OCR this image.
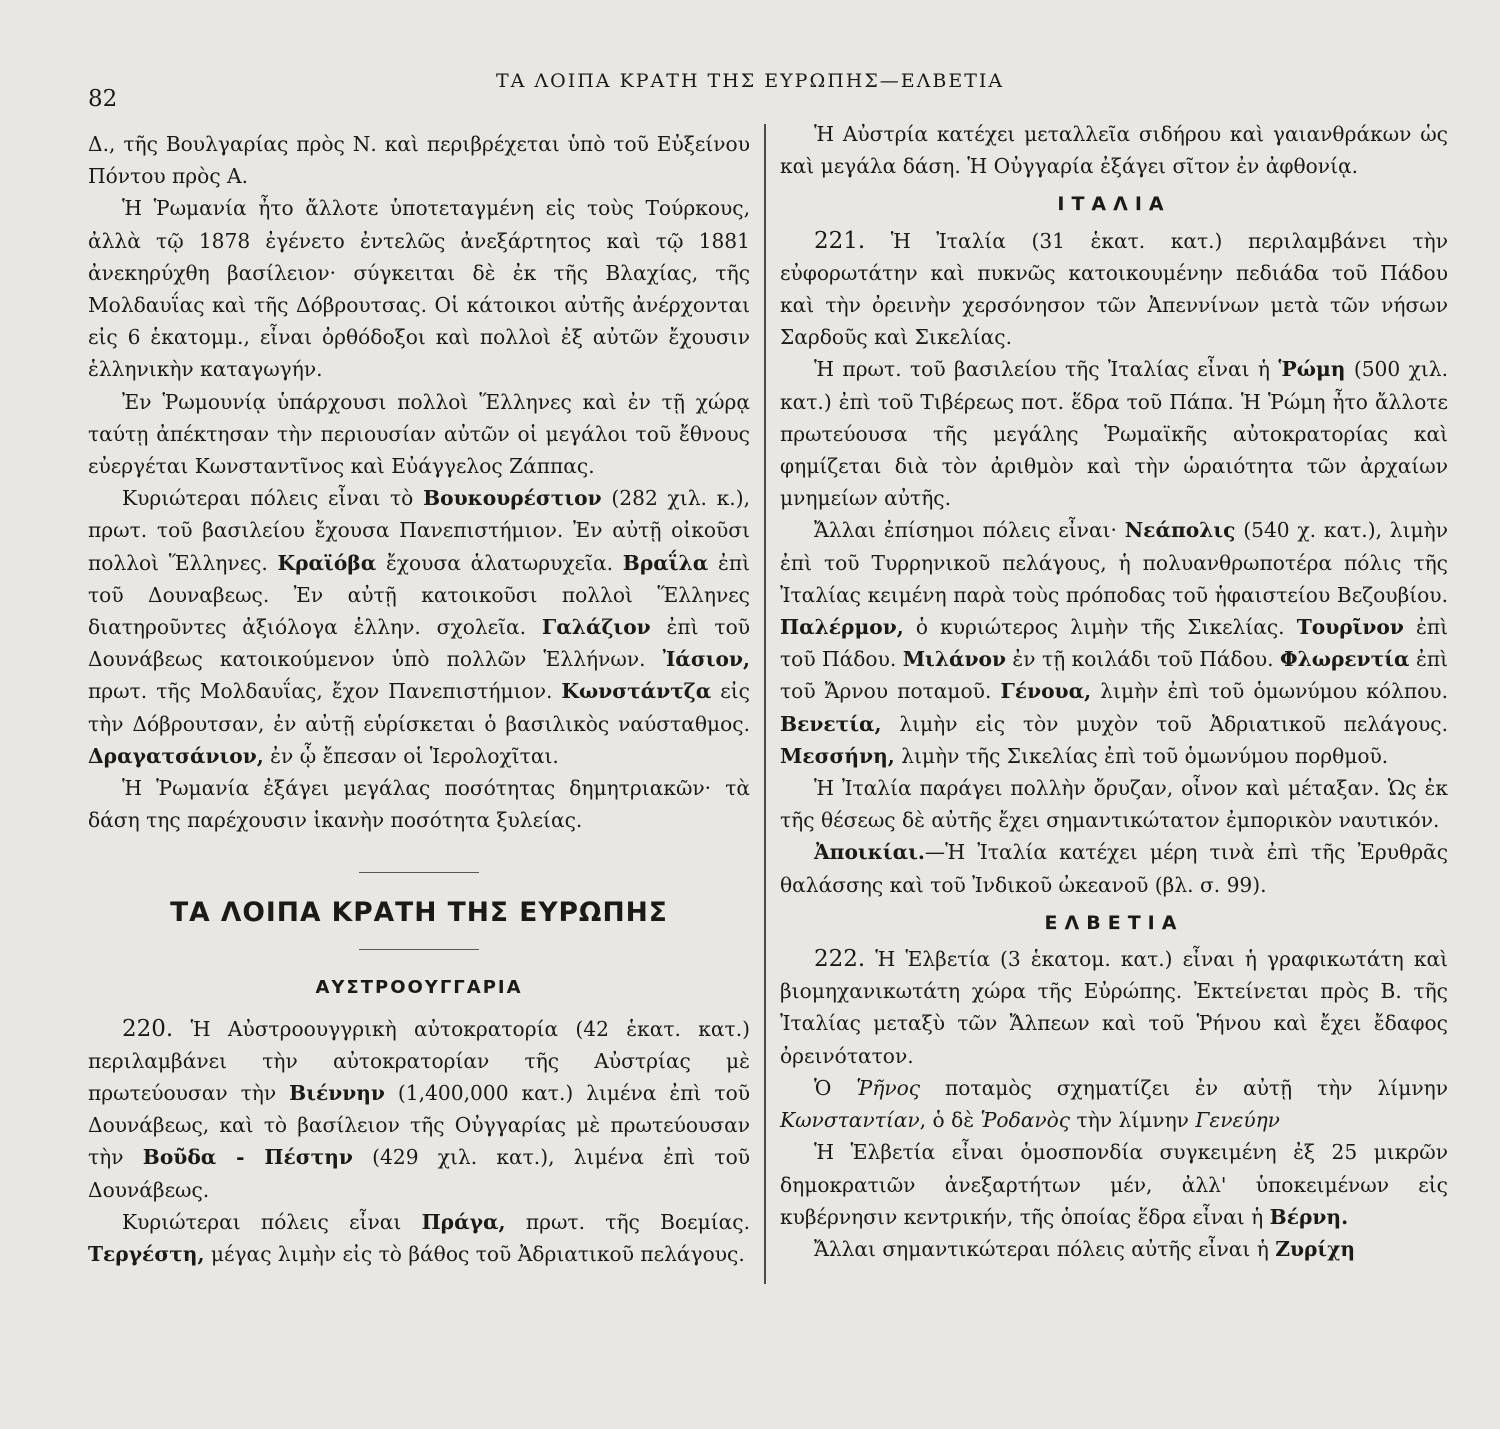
82
ΤΑ ΛΟΙΠΑ ΚΡΑΤΗ ΤΗΣ ΕΥΡΩΠΗΣ—ΕΛΒΕΤΙΑ

Δ., τῆς Βουλγαρίας πρὸς Ν. καὶ περιβρέχεται ὑπὸ τοῦ Εὐξείνου Πόντου πρὸς Α.

Ἡ Ῥωμανία ἦτο ἄλλοτε ὑποτεταγμένη εἰς τοὺς Τούρκους, ἀλλὰ τῷ 1878 ἐγένετο ἐντελῶς ἀνεξάρτητος καὶ τῷ 1881 ἀνεκηρύχθη βασίλειον· σύγκειται δὲ ἐκ τῆς Βλαχίας, τῆς Μολδαυΐας καὶ τῆς Δόβρουτσας. Οἱ κάτοικοι αὐτῆς ἀνέρχονται εἰς 6 ἑκατομμ., εἶναι ὀρθόδοξοι καὶ πολλοὶ ἐξ αὐτῶν ἔχουσιν ἑλληνικὴν καταγωγήν.

Ἐν Ῥωμουνίᾳ ὑπάρχουσι πολλοὶ Ἕλληνες καὶ ἐν τῇ χώρᾳ ταύτῃ ἀπέκτησαν τὴν περιουσίαν αὐτῶν οἱ μεγάλοι τοῦ ἔθνους εὐεργέται Κωνσταντῖνος καὶ Εὐάγγελος Ζάππας.

Κυριώτεραι πόλεις εἶναι τὸ Βουκουρέστιον (282 χιλ. κ.), πρωτ. τοῦ βασιλείου ἔχουσα Πανεπιστήμιον. Ἐν αὐτῇ οἰκοῦσι πολλοὶ Ἕλληνες. Κραϊόβα ἔχουσα ἁλατωρυχεῖα. Βραΐλα ἐπὶ τοῦ Δουναβεως. Ἐν αὐτῇ κατοικοῦσι πολλοὶ Ἕλληνες διατηροῦντες ἀξιόλογα ἑλλην. σχολεῖα. Γαλάζιον ἐπὶ τοῦ Δουνάβεως κατοικούμενον ὑπὸ πολλῶν Ἑλλήνων. Ἰάσιον, πρωτ. τῆς Μολδαυΐας, ἔχον Πανεπιστήμιον. Κωνστάντζα εἰς τὴν Δόβρουτσαν, ἐν αὐτῇ εὑρίσκεται ὁ βασιλικὸς ναύσταθμος. Δραγατσάνιον, ἐν ᾧ ἔπεσαν οἱ Ἱερολοχῖται.

Ἡ Ῥωμανία ἐξάγει μεγάλας ποσότητας δημητριακῶν· τὰ δάση της παρέχουσιν ἱκανὴν ποσότητα ξυλείας.

ΤΑ ΛΟΙΠΑ ΚΡΑΤΗ ΤΗΣ ΕΥΡΩΠΗΣ
ΑΥΣΤΡΟΟΥΓΓΑΡΙΑ

220. Ἡ Αὐστροουγγρικὴ αὐτοκρατορία (42 ἑκατ. κατ.) περιλαμβάνει τὴν αὐτοκρατορίαν τῆς Αὐστρίας μὲ πρωτεύουσαν τὴν Βιέννην (1,400,000 κατ.) λιμένα ἐπὶ τοῦ Δουνάβεως, καὶ τὸ βασίλειον τῆς Οὐγγαρίας μὲ πρωτεύουσαν τὴν Βοῦδα - Πέστην (429 χιλ. κατ.), λιμένα ἐπὶ τοῦ Δουνάβεως.

Κυριώτεραι πόλεις εἶναι Πράγα, πρωτ. τῆς Βοεμίας. Τεργέστη, μέγας λιμὴν εἰς τὸ βάθος τοῦ Ἀδριατικοῦ πελάγους.

Ἡ Αὐστρία κατέχει μεταλλεῖα σιδήρου καὶ γαιανθράκων ὡς καὶ μεγάλα δάση. Ἡ Οὐγγαρία ἐξάγει σῖτον ἐν ἀφθονίᾳ.

ΙΤΑΛΙΑ

221. Ἡ Ἰταλία (31 ἑκατ. κατ.) περιλαμβάνει τὴν εὐφορωτάτην καὶ πυκνῶς κατοικουμένην πεδιάδα τοῦ Πάδου καὶ τὴν ὀρεινὴν χερσόνησον τῶν Ἀπεννίνων μετὰ τῶν νήσων Σαρδοῦς καὶ Σικελίας.

Ἡ πρωτ. τοῦ βασιλείου τῆς Ἰταλίας εἶναι ἡ Ῥώμη (500 χιλ. κατ.) ἐπὶ τοῦ Τιβέρεως ποτ. ἕδρα τοῦ Πάπα. Ἡ Ῥώμη ἦτο ἄλλοτε πρωτεύουσα τῆς μεγάλης Ῥωμαϊκῆς αὐτοκρατορίας καὶ φημίζεται διὰ τὸν ἀριθμὸν καὶ τὴν ὡραιότητα τῶν ἀρχαίων μνημείων αὐτῆς.

Ἄλλαι ἐπίσημοι πόλεις εἶναι· Νεάπολις (540 χ. κατ.), λιμὴν ἐπὶ τοῦ Τυρρηνικοῦ πελάγους, ἡ πολυανθρωποτέρα πόλις τῆς Ἰταλίας κειμένη παρὰ τοὺς πρόποδας τοῦ ἡφαιστείου Βεζουβίου. Παλέρμον, ὁ κυριώτερος λιμὴν τῆς Σικελίας. Τουρῖνον ἐπὶ τοῦ Πάδου. Μιλάνον ἐν τῇ κοιλάδι τοῦ Πάδου. Φλωρεντία ἐπὶ τοῦ Ἄρνου ποταμοῦ. Γένουα, λιμὴν ἐπὶ τοῦ ὁμωνύμου κόλπου. Βενετία, λιμὴν εἰς τὸν μυχὸν τοῦ Ἀδριατικοῦ πελάγους. Μεσσήνη, λιμὴν τῆς Σικελίας ἐπὶ τοῦ ὁμωνύμου πορθμοῦ.

Ἡ Ἰταλία παράγει πολλὴν ὄρυζαν, οἶνον καὶ μέταξαν. Ὡς ἐκ τῆς θέσεως δὲ αὐτῆς ἔχει σημαντικώτατον ἐμπορικὸν ναυτικόν.

Ἀποικίαι.—Ἡ Ἰταλία κατέχει μέρη τινὰ ἐπὶ τῆς Ἐρυθρᾶς θαλάσσης καὶ τοῦ Ἰνδικοῦ ὠκεανοῦ (βλ. σ. 99).

ΕΛΒΕΤΙΑ

222. Ἡ Ἑλβετία (3 ἑκατομ. κατ.) εἶναι ἡ γραφικωτάτη καὶ βιομηχανικωτάτη χώρα τῆς Εὐρώπης. Ἐκτείνεται πρὸς Β. τῆς Ἰταλίας μεταξὺ τῶν Ἄλπεων καὶ τοῦ Ῥήνου καὶ ἔχει ἔδαφος ὀρεινότατον.

Ὁ Ῥῆνος ποταμὸς σχηματίζει ἐν αὐτῇ τὴν λίμνην Κωνσταντίαν, ὁ δὲ Ῥοδανὸς τὴν λίμνην Γενεύην

Ἡ Ἑλβετία εἶναι ὁμοσπονδία συγκειμένη ἐξ 25 μικρῶν δημοκρατιῶν ἀνεξαρτήτων μέν, ἀλλ' ὑποκειμένων εἰς κυβέρνησιν κεντρικήν, τῆς ὁποίας ἕδρα εἶναι ἡ Βέρνη.

Ἄλλαι σημαντικώτεραι πόλεις αὐτῆς εἶναι ἡ Ζυρίχη
